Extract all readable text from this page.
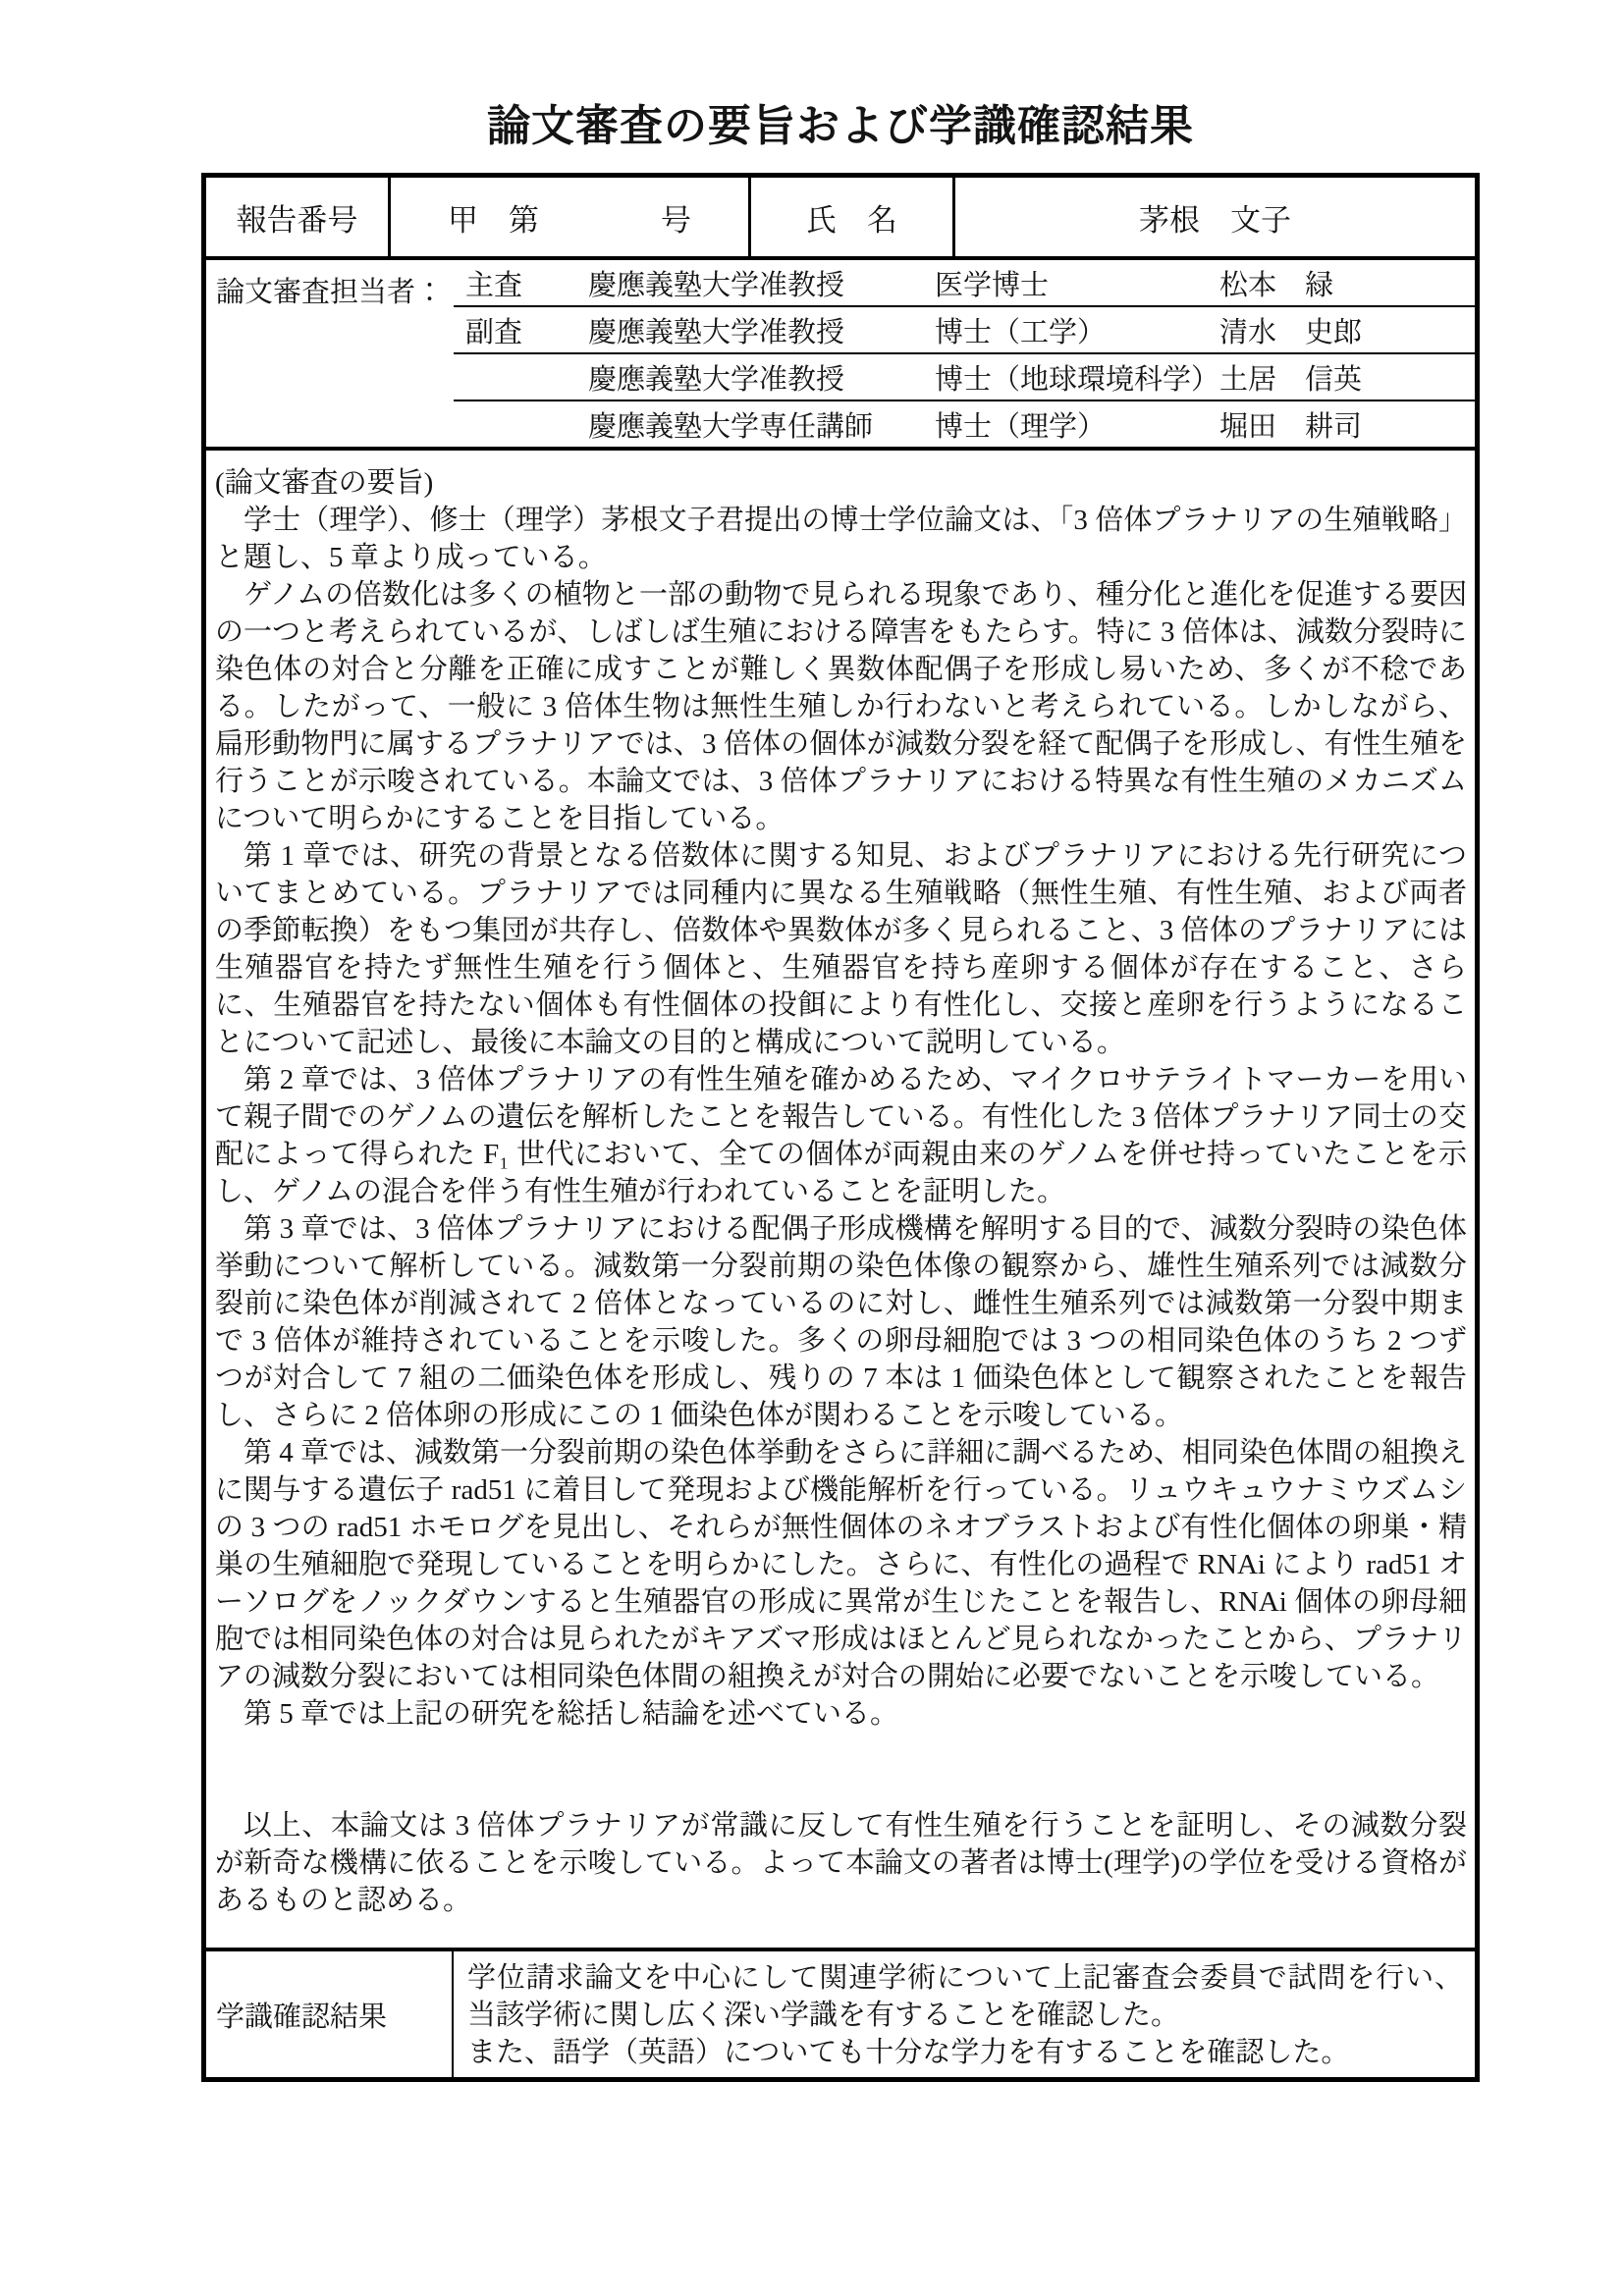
論文審査の要旨および学識確認結果
報告番号	甲　第　　　　号	氏　名	茅根　文子
論文審査担当者： 主査	慶應義塾大学准教授	医学博士	松本　緑
副査	慶應義塾大学准教授	博士（工学）	清水　史郎
慶應義塾大学准教授	博士（地球環境科学） 土居　信英
慶應義塾大学専任講師	博士（理学）	堀田　耕司

(論文審査の要旨)

学士（理学）、修士（理学）茅根文子君提出の博士学位論文は、「3 倍体プラナリアの生殖戦略」と題し、5 章より成っている。

ゲノムの倍数化は多くの植物と一部の動物で見られる現象であり、種分化と進化を促進する要因の一つと考えられているが、しばしば生殖における障害をもたらす。特に 3 倍体は、減数分裂時に染色体の対合と分離を正確に成すことが難しく異数体配偶子を形成し易いため、多くが不稔である。したがって、一般に 3 倍体生物は無性生殖しか行わないと考えられている。しかしながら、扁形動物門に属するプラナリアでは、3 倍体の個体が減数分裂を経て配偶子を形成し、有性生殖を行うことが示唆されている。本論文では、3 倍体プラナリアにおける特異な有性生殖のメカニズムについて明らかにすることを目指している。

第 1 章では、研究の背景となる倍数体に関する知見、およびプラナリアにおける先行研究についてまとめている。プラナリアでは同種内に異なる生殖戦略（無性生殖、有性生殖、および両者の季節転換）をもつ集団が共存し、倍数体や異数体が多く見られること、3 倍体のプラナリアには生殖器官を持たず無性生殖を行う個体と、生殖器官を持ち産卵する個体が存在すること、さらに、生殖器官を持たない個体も有性個体の投餌により有性化し、交接と産卵を行うようになることについて記述し、最後に本論文の目的と構成について説明している。

第 2 章では、3 倍体プラナリアの有性生殖を確かめるため、マイクロサテライトマーカーを用いて親子間でのゲノムの遺伝を解析したことを報告している。有性化した 3 倍体プラナリア同士の交配によって得られた F₁ 世代において、全ての個体が両親由来のゲノムを併せ持っていたことを示し、ゲノムの混合を伴う有性生殖が行われていることを証明した。

第 3 章では、3 倍体プラナリアにおける配偶子形成機構を解明する目的で、減数分裂時の染色体挙動について解析している。減数第一分裂前期の染色体像の観察から、雄性生殖系列では減数分裂前に染色体が削減されて 2 倍体となっているのに対し、雌性生殖系列では減数第一分裂中期まで 3 倍体が維持されていることを示唆した。多くの卵母細胞では 3 つの相同染色体のうち 2 つずつが対合して 7 組の二価染色体を形成し、残りの 7 本は 1 価染色体として観察されたことを報告し、さらに 2 倍体卵の形成にこの 1 価染色体が関わることを示唆している。

第 4 章では、減数第一分裂前期の染色体挙動をさらに詳細に調べるため、相同染色体間の組換えに関与する遺伝子 rad51 に着目して発現および機能解析を行っている。リュウキュウナミウズムシの 3 つの rad51 ホモログを見出し、それらが無性個体のネオブラストおよび有性化個体の卵巣・精巣の生殖細胞で発現していることを明らかにした。さらに、有性化の過程で RNAi により rad51 オーソログをノックダウンすると生殖器官の形成に異常が生じたことを報告し、RNAi 個体の卵母細胞では相同染色体の対合は見られたがキアズマ形成はほとんど見られなかったことから、プラナリアの減数分裂においては相同染色体間の組換えが対合の開始に必要でないことを示唆している。

第 5 章では上記の研究を総括し結論を述べている。

以上、本論文は 3 倍体プラナリアが常識に反して有性生殖を行うことを証明し、その減数分裂が新奇な機構に依ることを示唆している。よって本論文の著者は博士(理学)の学位を受ける資格があるものと認める。

学識確認結果

学位請求論文を中心にして関連学術について上記審査会委員で試問を行い、当該学術に関し広く深い学識を有することを確認した。

また、語学（英語）についても十分な学力を有することを確認した。
